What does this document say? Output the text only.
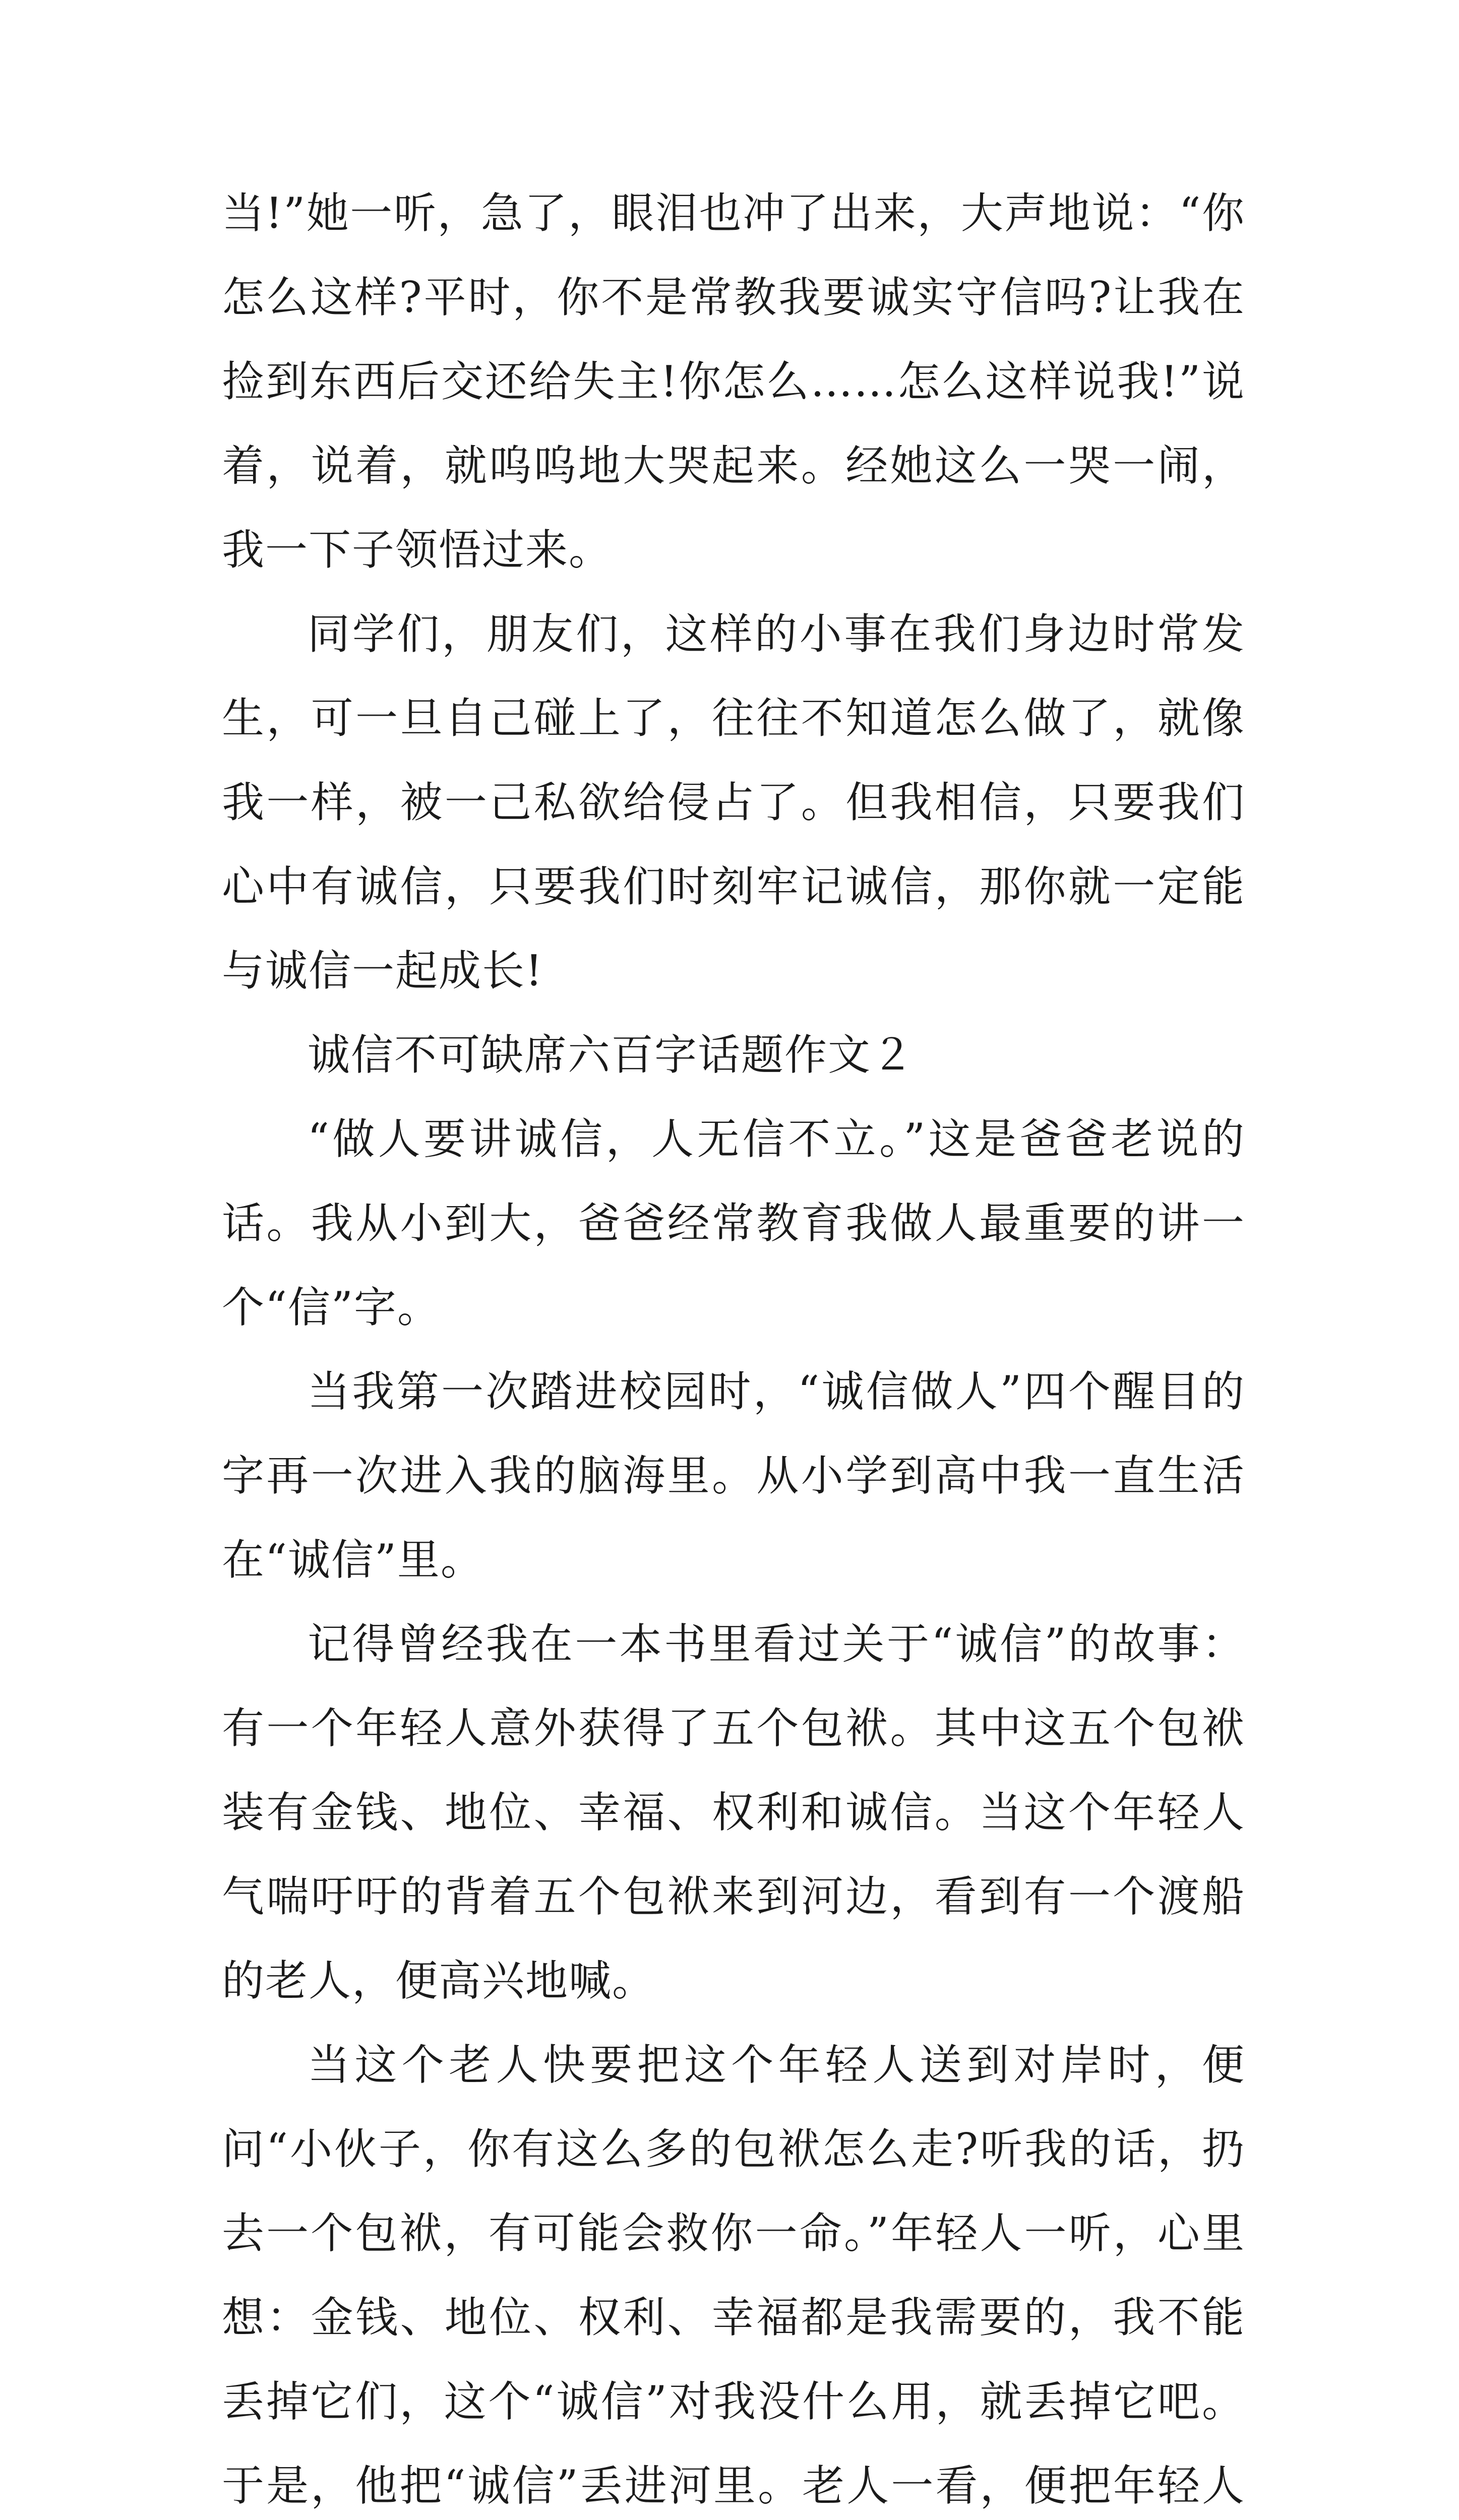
当!”她一听，急了，眼泪也冲了出来，大声地说：“你怎么这样?平时，你不是常教我要诚实守信吗?让我在捡到东西后交还给失主!你怎么……怎么这样说我!”说着，说着，就呜呜地大哭起来。经她这么一哭一闹，我一下子领悟过来。

同学们，朋友们，这样的小事在我们身边时常发生，可一旦自己碰上了，往往不知道怎么做了，就像我一样，被一己私欲给侵占了。但我相信，只要我们心中有诚信，只要我们时刻牢记诚信，那你就一定能与诚信一起成长!

诚信不可缺席六百字话题作文２

“做人要讲诚信，人无信不立。”这是爸爸老说的话。我从小到大，爸爸经常教育我做人最重要的讲一个“信”字。

当我第一次踏进校园时，“诚信做人”四个醒目的字再一次进入我的脑海里。从小学到高中我一直生活在“诚信”里。

记得曾经我在一本书里看过关于“诚信”的故事：有一个年轻人意外获得了五个包袱。其中这五个包袱装有金钱、地位、幸福、权利和诚信。当这个年轻人气喘吁吁的背着五个包袱来到河边，看到有一个渡船的老人，便高兴地喊。

当这个老人快要把这个年轻人送到对岸时，便问“小伙子，你有这么多的包袱怎么走?听我的话，扔去一个包袱，有可能会救你一命。”年轻人一听，心里想：金钱、地位、权利、幸福都是我需要的，我不能丢掉它们，这个“诚信”对我没什么用，就丢掉它吧。于是，他把“诚信”丢进河里。老人一看，便把年轻人
